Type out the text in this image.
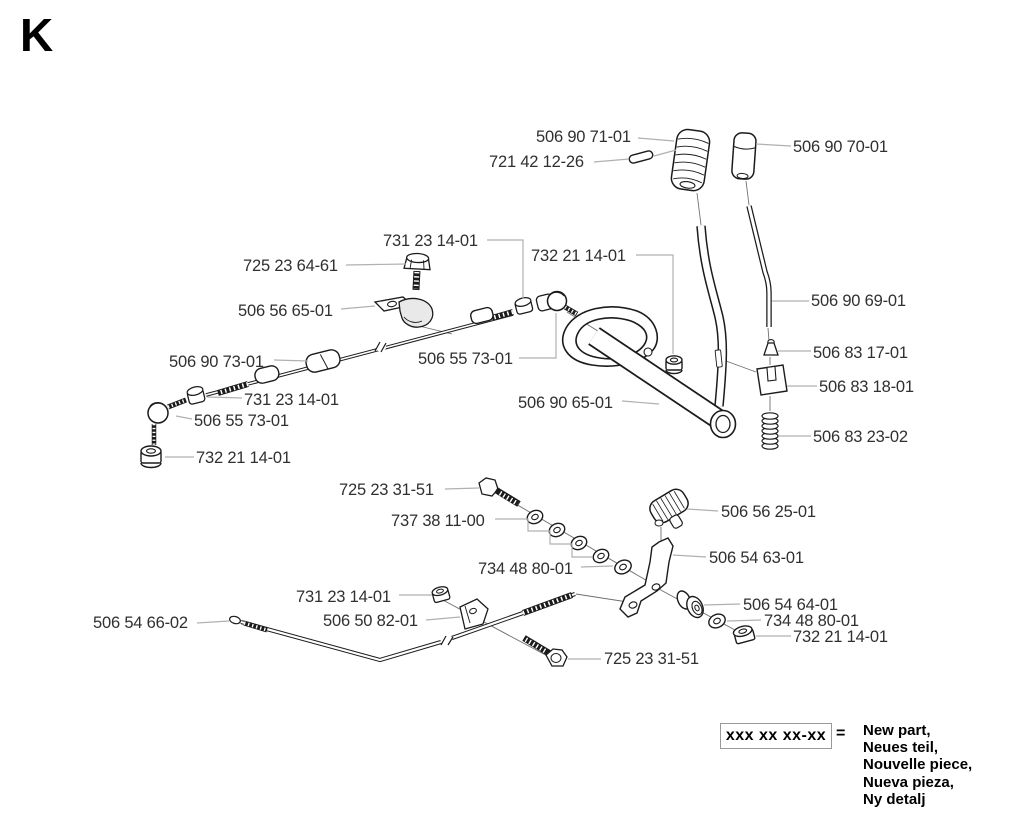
K
506 90 71-01
721 42 12-26
506 90 70-01
731 23 14-01
725 23 64-61
506 56 65-01
732 21 14-01
506 90 69-01
506 83 17-01
506 83 18-01
506 83 23-02
506 90 73-01	506 55 73-01
731 23 14-01
506 55 73-01
732 21 14-01
506 90 65-01
725 23 31-51
737 38 11-00
734 48 80-01
506 56 25-01
506 54 63-01
731 23 14-01
506 50 82-01
506 54 66-02
506 54 64-01
734 48 80-01
732 21 14-01
725 23 31-51
xxx xx xx-xx = New part,
Neues teil,
Nouvelle piece,
Nueva pieza,
Ny detalj
